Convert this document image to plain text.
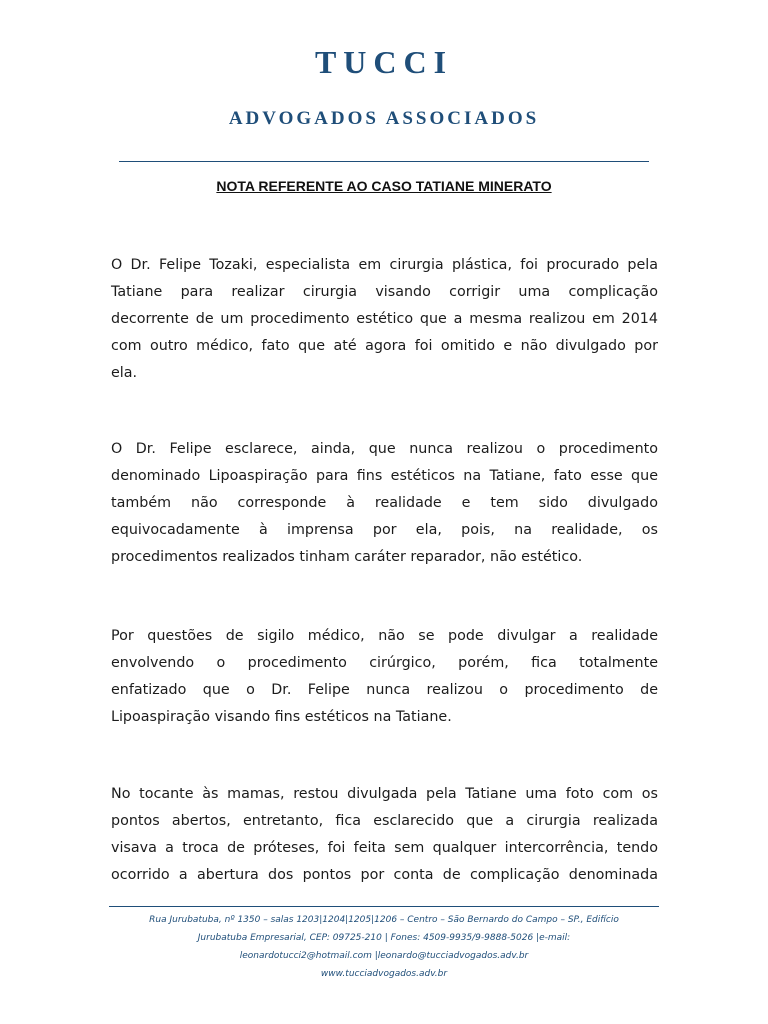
TUCCI
ADVOGADOS ASSOCIADOS
NOTA REFERENTE AO CASO TATIANE MINERATO
O Dr. Felipe Tozaki, especialista em cirurgia plástica, foi procurado pela
Tatiane para realizar cirurgia visando corrigir uma complicação
decorrente de um procedimento estético que a mesma realizou em 2014
com outro médico, fato que até agora foi omitido e não divulgado por
ela.
O Dr. Felipe esclarece, ainda, que nunca realizou o procedimento
denominado Lipoaspiração para fins estéticos na Tatiane, fato esse que
também não corresponde à realidade e tem sido divulgado
equivocadamente à imprensa por ela, pois, na realidade, os
procedimentos realizados tinham caráter reparador, não estético.
Por questões de sigilo médico, não se pode divulgar a realidade
envolvendo o procedimento cirúrgico, porém, fica totalmente
enfatizado que o Dr. Felipe nunca realizou o procedimento de
Lipoaspiração visando fins estéticos na Tatiane.
No tocante às mamas, restou divulgada pela Tatiane uma foto com os
pontos abertos, entretanto, fica esclarecido que a cirurgia realizada
visava a troca de próteses, foi feita sem qualquer intercorrência, tendo
ocorrido a abertura dos pontos por conta de complicação denominada
Rua Jurubatuba, nº 1350 – salas 1203|1204|1205|1206 – Centro – São Bernardo do Campo – SP., Edifício
Jurubatuba Empresarial, CEP: 09725-210 | Fones: 4509-9935/9-9888-5026 |e-mail:
leonardotucci2@hotmail.com |leonardo@tucciadvogados.adv.br
www.tucciadvogados.adv.br
